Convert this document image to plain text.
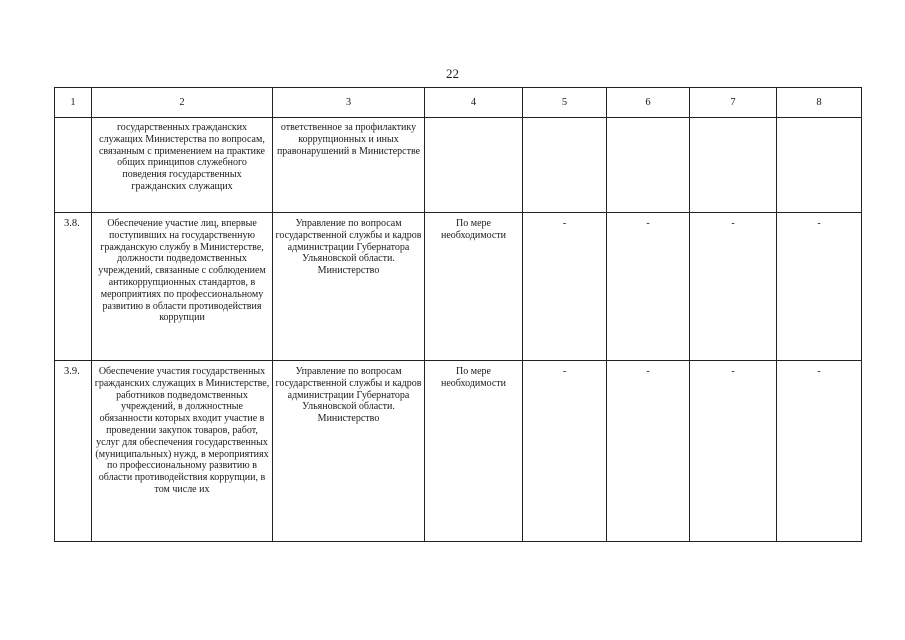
22
1	2	3	4	5	6	7	8
	государственных гражданских служащих Министерства по вопросам, связанным с применением на практике общих принципов служебного поведения государственных гражданских служащих	ответственное за профилактику коррупционных и иных правонарушений в Министерстве					
3.8.	Обеспечение участие лиц, впервые поступивших на государственную гражданскую службу в Министерстве, должности подведомственных учреждений, связанные с соблюдением антикоррупционных стандартов, в мероприятиях по профессиональному развитию в области противодействия коррупции	Управление по вопросам государственной службы и кадров администрации Губернатора Ульяновской области. Министерство	По мере необходимости	-	-	-	-
3.9.	Обеспечение участия государственных гражданских служащих в Министерстве, работников подведомственных учреждений, в должностные обязанности которых входит участие в проведении закупок товаров, работ, услуг для обеспечения государственных (муниципальных) нужд, в мероприятиях по профессиональному развитию в области противодействия коррупции, в том числе их	Управление по вопросам государственной службы и кадров администрации Губернатора Ульяновской области. Министерство	По мере необходимости	-	-	-	-
